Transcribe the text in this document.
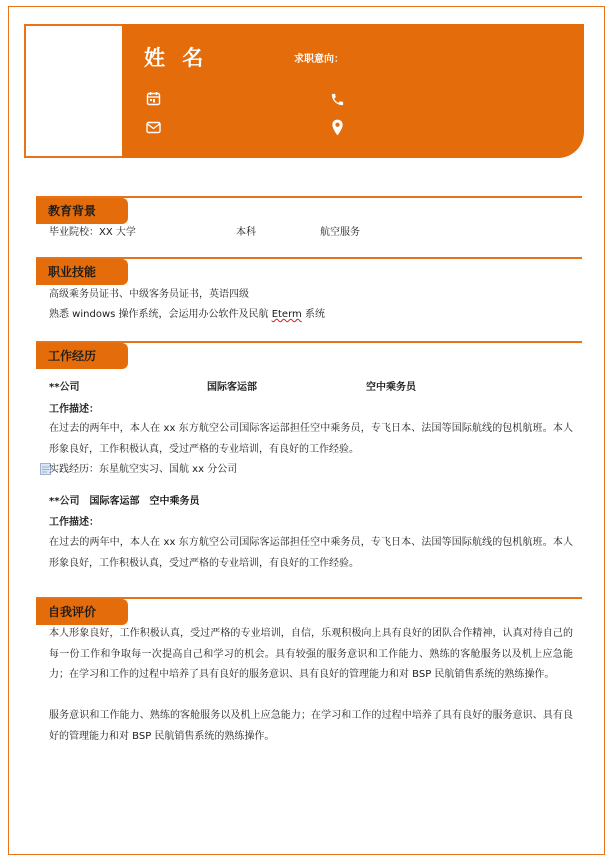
姓 名	求职意向：
教育背景
毕业院校：XX 大学	本科	航空服务
职业技能
高级乘务员证书、中级客务员证书，英语四级
熟悉 windows 操作系统，会运用办公软件及民航 Eterm 系统
工作经历
**公司	国际客运部	空中乘务员
工作描述：
在过去的两年中，本人在 xx 东方航空公司国际客运部担任空中乘务员，专飞日本、法国等国际航线的包机航班。本人形象良好，工作积极认真，受过严格的专业培训，有良好的工作经验。
实践经历：东星航空实习、国航 xx 分公司
**公司　国际客运部　空中乘务员
工作描述：
在过去的两年中，本人在 xx 东方航空公司国际客运部担任空中乘务员，专飞日本、法国等国际航线的包机航班。本人形象良好，工作积极认真，受过严格的专业培训，有良好的工作经验。
自我评价
本人形象良好，工作积极认真，受过严格的专业培训，自信，乐观积极向上具有良好的团队合作精神，认真对待自己的每一份工作和争取每一次提高自己和学习的机会。具有较强的服务意识和工作能力、熟练的客舱服务以及机上应急能力；在学习和工作的过程中培养了具有良好的服务意识、具有良好的管理能力和对 BSP 民航销售系统的熟练操作。
服务意识和工作能力、熟练的客舱服务以及机上应急能力；在学习和工作的过程中培养了具有良好的服务意识、具有良好的管理能力和对 BSP 民航销售系统的熟练操作。
